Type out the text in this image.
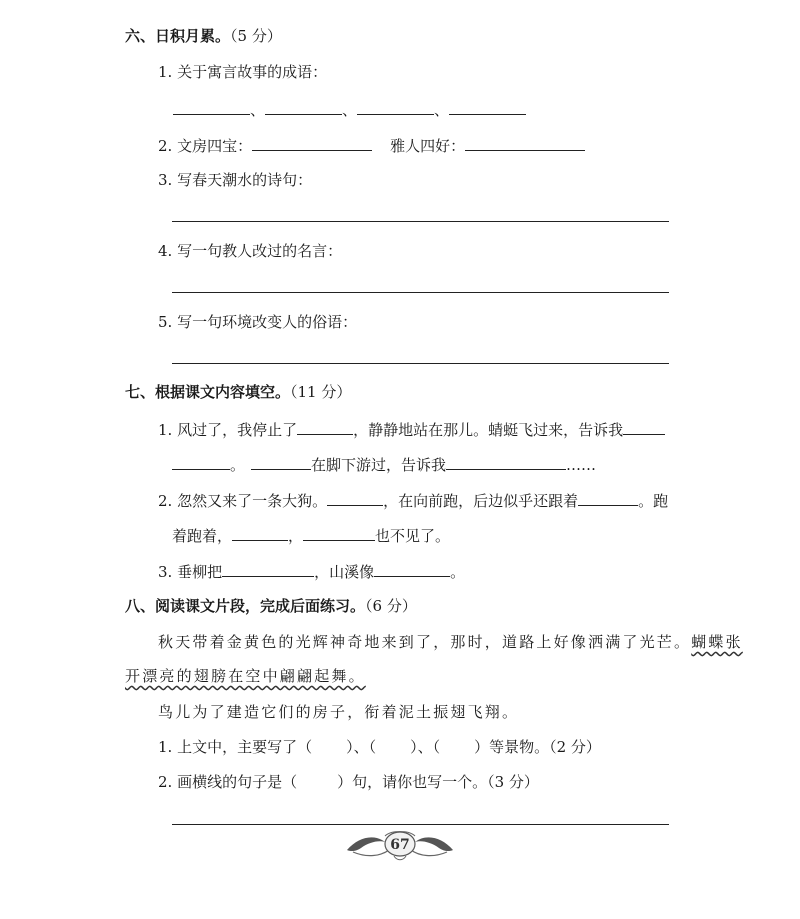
六、日积月累。（5 分）
1. 关于寓言故事的成语：
、	、	、
2. 文房四宝：	雅人四好：
3. 写春天潮水的诗句：
4. 写一句教人改过的名言：
5. 写一句环境改变人的俗语：
七、根据课文内容填空。（11 分）
1. 风过了，我停止了	，静静地站在那儿。蜻蜓飞过来，告诉我
。	在脚下游过，告诉我	……
2. 忽然又来了一条大狗。	，在向前跑，后边似乎还跟着	。跑
着跑着，	，	也不见了。
3. 垂柳把	，山溪像	。
八、阅读课文片段，完成后面练习。（6 分）
秋天带着金黄色的光辉神奇地来到了，那时，道路上好像洒满了光芒。蝴蝶张
开漂亮的翅膀在空中翩翩起舞。
鸟儿为了建造它们的房子，衔着泥土振翅飞翔。
1. 上文中，主要写了（ ）、（ ）、（ ）等景物。（2 分）
2. 画横线的句子是（	）句，请你也写一个。（3 分）
67
